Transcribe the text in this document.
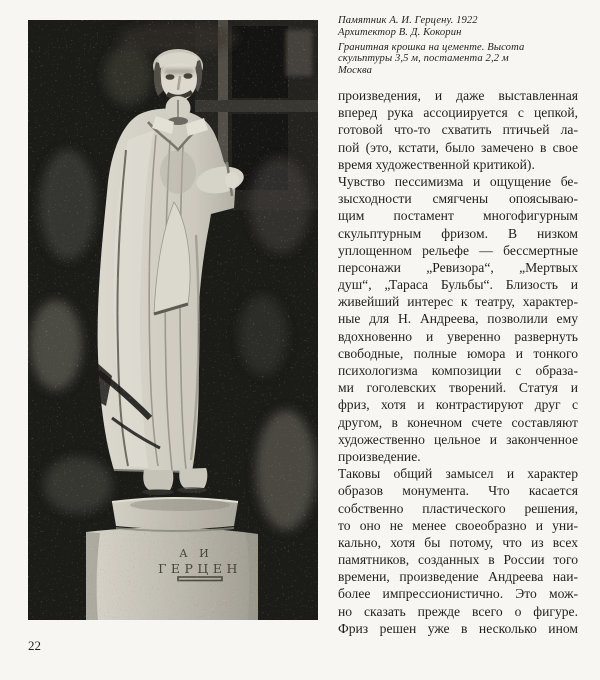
А И
ГЕРЦЕН
Памятник А. И. Герцену. 1922
Архитектор В. Д. Кокорин
Гранитная крошка на цементе. Высота
скульптуры 3,5 м, постамента 2,2 м
Москва
произведения, и даже выставленная
вперед рука ассоциируется с цепкой,
готовой что-то схватить птичьей ла-
пой (это, кстати, было замечено в свое
время художественной критикой).
Чувство пессимизма и ощущение бе-
зысходности смягчены опоясываю-
щим постамент многофигурным
скульптурным фризом. В низком
уплощенном рельефе — бессмертные
персонажи „Ревизора“, „Мертвых
душ“, „Тараса Бульбы“. Близость и
живейший интерес к театру, характер-
ные для Н. Андреева, позволили ему
вдохновенно и уверенно развернуть
свободные, полные юмора и тонкого
психологизма композиции с образа-
ми гоголевских творений. Статуя и
фриз, хотя и контрастируют друг с
другом, в конечном счете составляют
художественно цельное и законченное
произведение.
Таковы общий замысел и характер
образов монумента. Что касается
собственно пластического решения,
то оно не менее своеобразно и уни-
кально, хотя бы потому, что из всех
памятников, созданных в России того
времени, произведение Андреева наи-
более импрессионистично. Это мож-
но сказать прежде всего о фигуре.
Фриз решен уже в несколько ином
22
